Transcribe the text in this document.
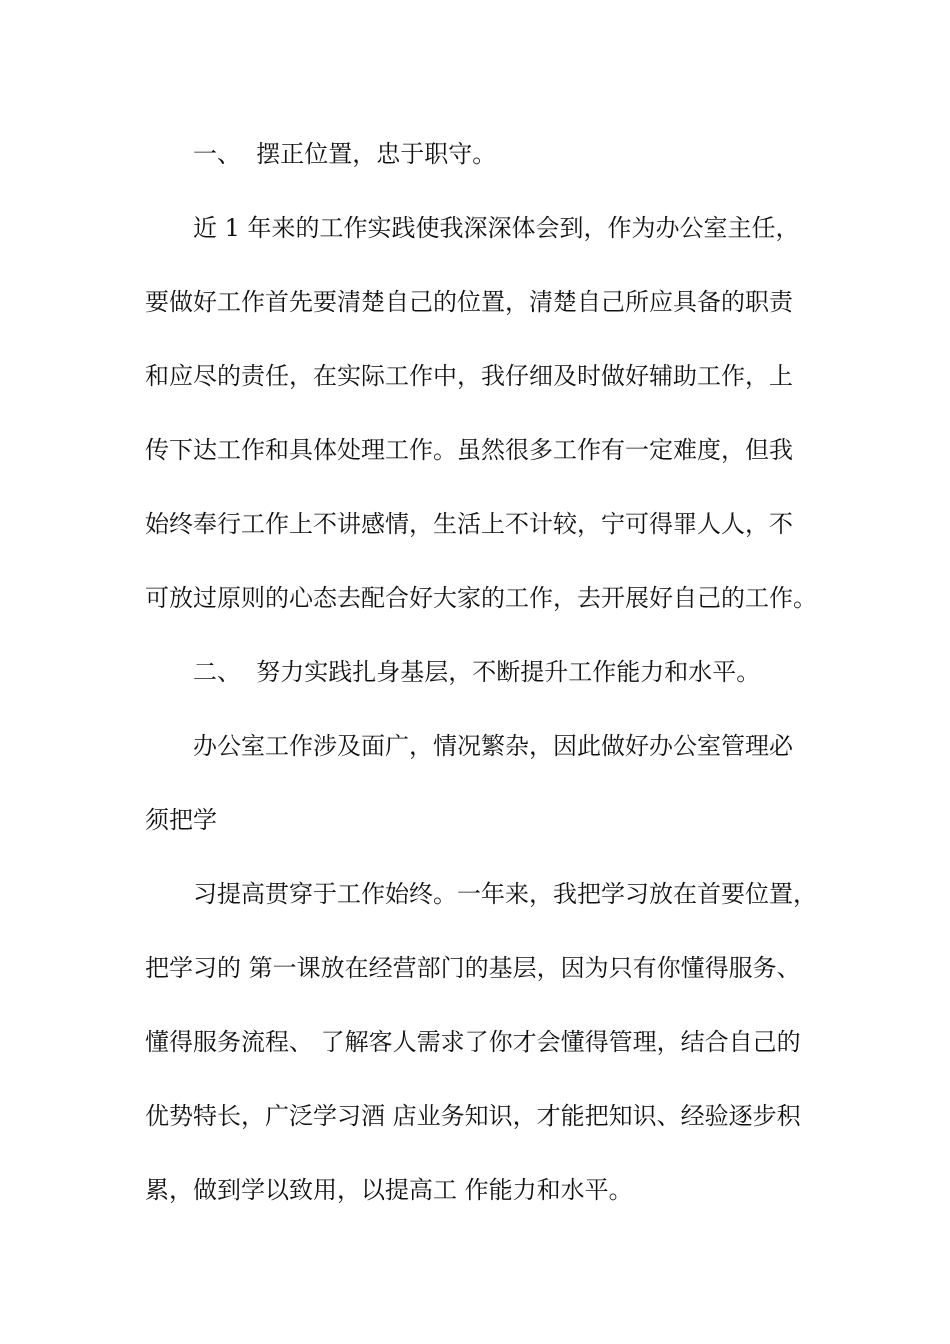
一、  摆正位置，忠于职守。
近 1 年来的工作实践使我深深体会到，作为办公室主任，
要做好工作首先要清楚自己的位置，清楚自己所应具备的职责
和应尽的责任，在实际工作中，我仔细及时做好辅助工作，上
传下达工作和具体处理工作。虽然很多工作有一定难度，但我
始终奉行工作上不讲感情，生活上不计较，宁可得罪人人，不
可放过原则的心态去配合好大家的工作，去开展好自己的工作。
二、  努力实践扎身基层，不断提升工作能力和水平。
办公室工作涉及面广，情况繁杂，因此做好办公室管理必
须把学
习提高贯穿于工作始终。一年来，我把学习放在首要位置，
把学习的 第一课放在经营部门的基层，因为只有你懂得服务、
懂得服务流程、 了解客人需求了你才会懂得管理，结合自己的
优势特长，广泛学习酒 店业务知识，才能把知识、经验逐步积
累，做到学以致用，以提高工 作能力和水平。
